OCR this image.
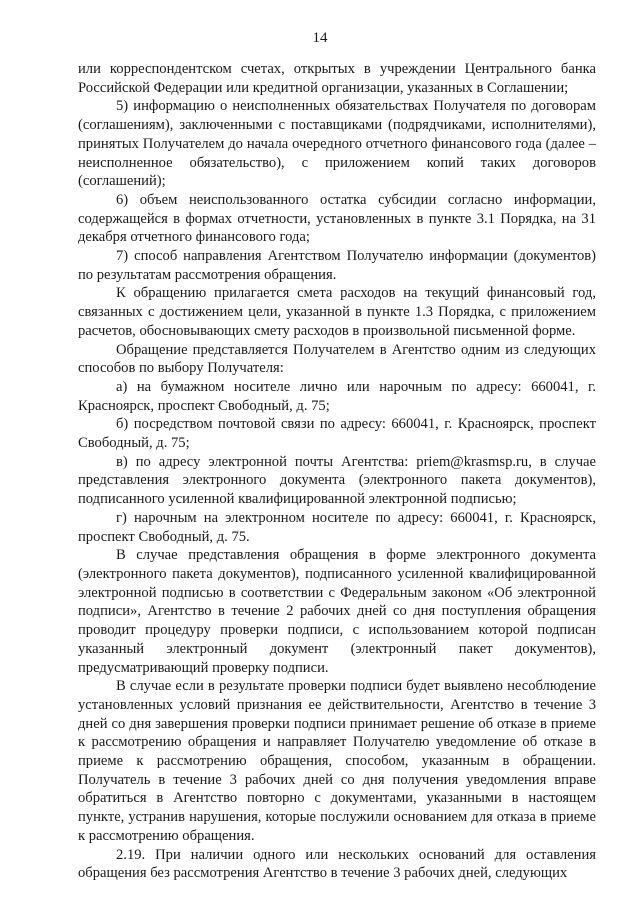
14

или корреспондентском счетах, открытых в учреждении Центрального банка Российской Федерации или кредитной организации, указанных в Соглашении;

5) информацию о неисполненных обязательствах Получателя по договорам (соглашениям), заключенными с поставщиками (подрядчиками, исполнителями), принятых Получателем до начала очередного отчетного финансового года (далее – неисполненное обязательство), с приложением копий таких договоров (соглашений);

6) объем неиспользованного остатка субсидии согласно информации, содержащейся в формах отчетности, установленных в пункте 3.1 Порядка, на 31 декабря отчетного финансового года;

7) способ направления Агентством Получателю информации (документов) по результатам рассмотрения обращения.

К обращению прилагается смета расходов на текущий финансовый год, связанных с достижением цели, указанной в пункте 1.3 Порядка, с приложением расчетов, обосновывающих смету расходов в произвольной письменной форме.

Обращение представляется Получателем в Агентство одним из следующих способов по выбору Получателя:

а) на бумажном носителе лично или нарочным по адресу: 660041, г. Красноярск, проспект Свободный, д. 75;

б) посредством почтовой связи по адресу: 660041, г. Красноярск, проспект Свободный, д. 75;

в) по адресу электронной почты Агентства: priem@krasmsp.ru, в случае представления электронного документа (электронного пакета документов), подписанного усиленной квалифицированной электронной подписью;

г) нарочным на электронном носителе по адресу: 660041, г. Красноярск, проспект Свободный, д. 75.

В случае представления обращения в форме электронного документа (электронного пакета документов), подписанного усиленной квалифицированной электронной подписью в соответствии с Федеральным законом «Об электронной подписи», Агентство в течение 2 рабочих дней со дня поступления обращения проводит процедуру проверки подписи, с использованием которой подписан указанный электронный документ (электронный пакет документов), предусматривающий проверку подписи.

В случае если в результате проверки подписи будет выявлено несоблюдение установленных условий признания ее действительности, Агентство в течение 3 дней со дня завершения проверки подписи принимает решение об отказе в приеме к рассмотрению обращения и направляет Получателю уведомление об отказе в приеме к рассмотрению обращения, способом, указанным в обращении. Получатель в течение 3 рабочих дней со дня получения уведомления вправе обратиться в Агентство повторно с документами, указанными в настоящем пункте, устранив нарушения, которые послужили основанием для отказа в приеме к рассмотрению обращения.

2.19. При наличии одного или нескольких оснований для оставления обращения без рассмотрения Агентство в течение 3 рабочих дней, следующих
